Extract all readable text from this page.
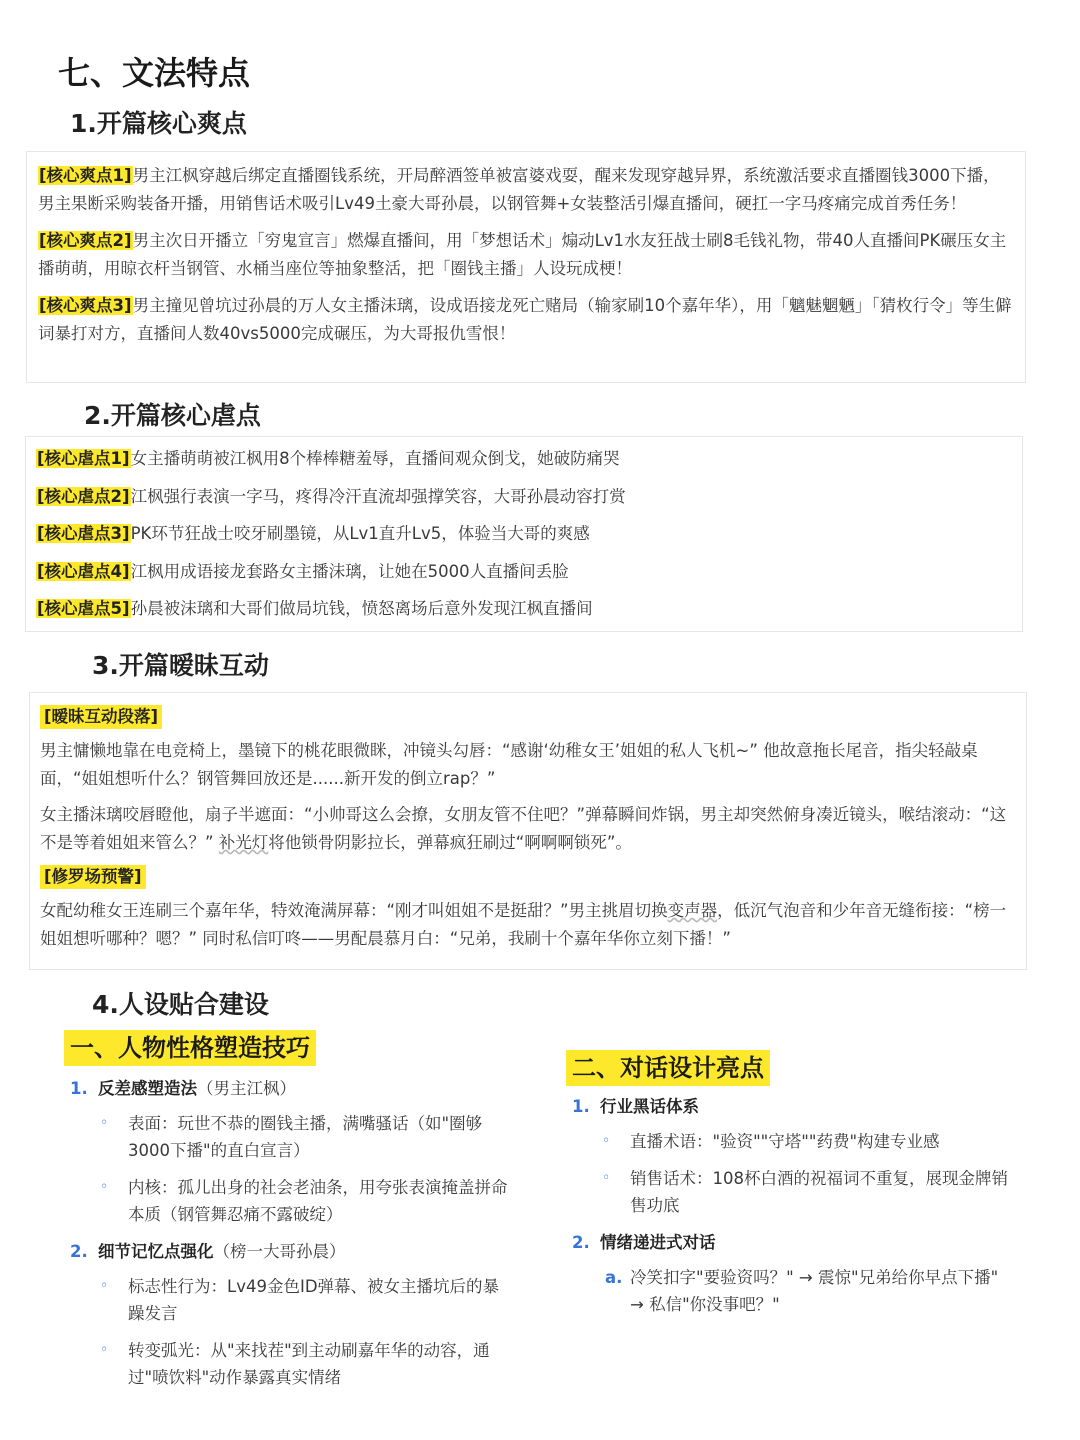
七、文法特点
1.开篇核心爽点

[核心爽点1]男主江枫穿越后绑定直播圈钱系统，开局醉酒签单被富婆戏耍，醒来发现穿越异界，系统激活要求直播圈钱3000下播，男主果断采购装备开播，用销售话术吸引Lv49土豪大哥孙晨，以钢管舞+女装整活引爆直播间，硬扛一字马疼痛完成首秀任务！

[核心爽点2]男主次日开播立「穷鬼宣言」燃爆直播间，用「梦想话术」煽动Lv1水友狂战士刷8毛钱礼物，带40人直播间PK碾压女主播萌萌，用晾衣杆当钢管、水桶当座位等抽象整活，把「圈钱主播」人设玩成梗！

[核心爽点3]男主撞见曾坑过孙晨的万人女主播沫璃，设成语接龙死亡赌局（输家刷10个嘉年华），用「魑魅魍魉」「猜枚行令」等生僻词暴打对方，直播间人数40vs5000完成碾压，为大哥报仇雪恨！

2.开篇核心虐点

[核心虐点1]女主播萌萌被江枫用8个棒棒糖羞辱，直播间观众倒戈，她破防痛哭

[核心虐点2]江枫强行表演一字马，疼得冷汗直流却强撑笑容，大哥孙晨动容打赏

[核心虐点3]PK环节狂战士咬牙刷墨镜，从Lv1直升Lv5，体验当大哥的爽感

[核心虐点4]江枫用成语接龙套路女主播沫璃，让她在5000人直播间丢脸

[核心虐点5]孙晨被沫璃和大哥们做局坑钱，愤怒离场后意外发现江枫直播间

3.开篇暧昧互动
[暧昧互动段落]

男主慵懒地靠在电竞椅上，墨镜下的桃花眼微眯，冲镜头勾唇：“感谢‘幼稚女王’姐姐的私人飞机~” 他故意拖长尾音，指尖轻敲桌面，“姐姐想听什么？钢管舞回放还是......新开发的倒立rap？”

女主播沫璃咬唇瞪他，扇子半遮面：“小帅哥这么会撩，女朋友管不住吧？”弹幕瞬间炸锅，男主却突然俯身凑近镜头，喉结滚动：“这不是等着姐姐来管么？” 补光灯将他锁骨阴影拉长，弹幕疯狂刷过“啊啊啊锁死”。

[修罗场预警]

女配幼稚女王连刷三个嘉年华，特效淹满屏幕：“刚才叫姐姐不是挺甜？”男主挑眉切换变声器，低沉气泡音和少年音无缝衔接：“榜一姐姐想听哪种？嗯？” 同时私信叮咚——男配晨慕月白：“兄弟，我刷十个嘉年华你立刻下播！”

4.人设贴合建设
一、人物性格塑造技巧
1. 反差感塑造法（男主江枫）
◦ 表面：玩世不恭的圈钱主播，满嘴骚话（如"圈够3000下播"的直白宣言）
◦ 内核：孤儿出身的社会老油条，用夸张表演掩盖拼命本质（钢管舞忍痛不露破绽）
2. 细节记忆点强化（榜一大哥孙晨）
◦ 标志性行为：Lv49金色ID弹幕、被女主播坑后的暴躁发言
◦ 转变弧光：从"来找茬"到主动刷嘉年华的动容，通过"喷饮料"动作暴露真实情绪
二、对话设计亮点
1. 行业黑话体系
◦ 直播术语："验资""守塔""药费"构建专业感
◦ 销售话术：108杯白酒的祝福词不重复，展现金牌销售功底
2. 情绪递进式对话
a. 冷笑扣字"要验资吗？" → 震惊"兄弟给你早点下播" → 私信"你没事吧？"
